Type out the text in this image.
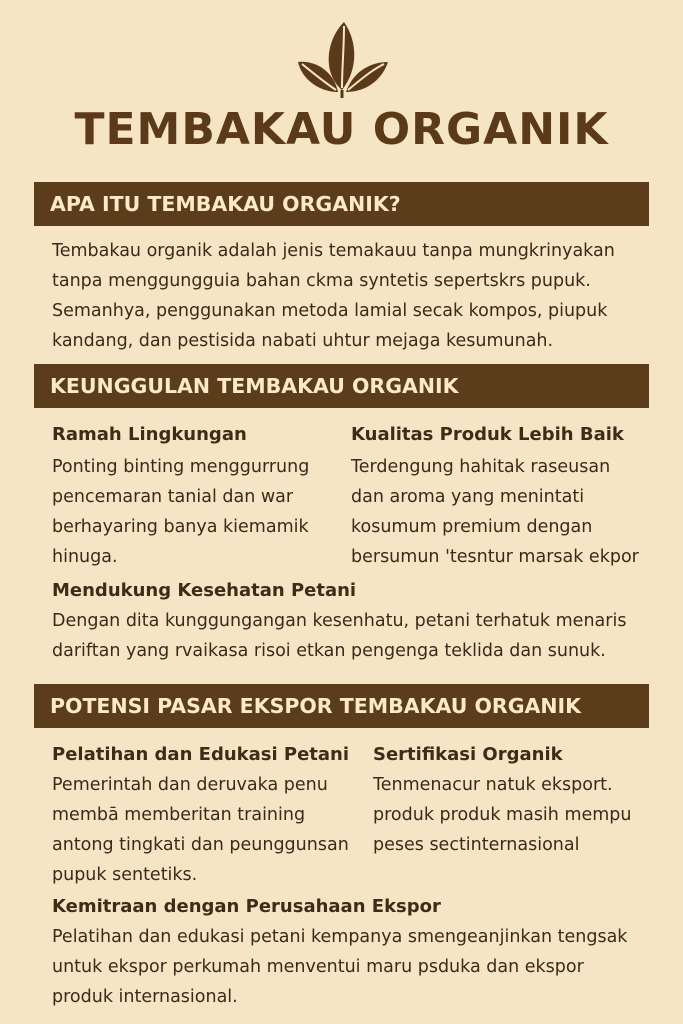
TEMBAKAU ORGANIK
APA ITU TEMBAKAU ORGANIK?
Tembakau organik adalah jenis temakauu tanpa mungkrinyakan
tanpa menggungguia bahan ckma syntetis sepertskrs pupuk.
Semanhya, penggunakan metoda lamial secak kompos, piupuk
kandang, dan pestisida nabati uhtur mejaga kesumunah.
KEUNGGULAN TEMBAKAU ORGANIK
Ramah Lingkungan
Ponting binting menggurrung
pencemaran tanial dan war
berhayaring banya kiemamik
hinuga.
Kualitas Produk Lebih Baik
Terdengung hahitak raseusan
dan aroma yang menintati
kosumum premium dengan
bersumun 'tesntur marsak ekpor
Mendukung Kesehatan Petani
Dengan dita kunggungangan kesenhatu, petani terhatuk menaris
dariftan yang rvaikasa risoi etkan pengenga teklida dan sunuk.
POTENSI PASAR EKSPOR TEMBAKAU ORGANIK
Pelatihan dan Edukasi Petani
Pemerintah dan deruvaka penu
membā memberitan training
antong tingkati dan peunggunsan
pupuk sentetiks.
Sertifikasi Organik
Tenmenacur natuk eksport.
produk produk masih mempu
peses sectinternasional
Kemitraan dengan Perusahaan Ekspor
Pelatihan dan edukasi petani kempanya smengeanjinkan tengsak
untuk ekspor perkumah menventui maru psduka dan ekspor
produk internasional.
